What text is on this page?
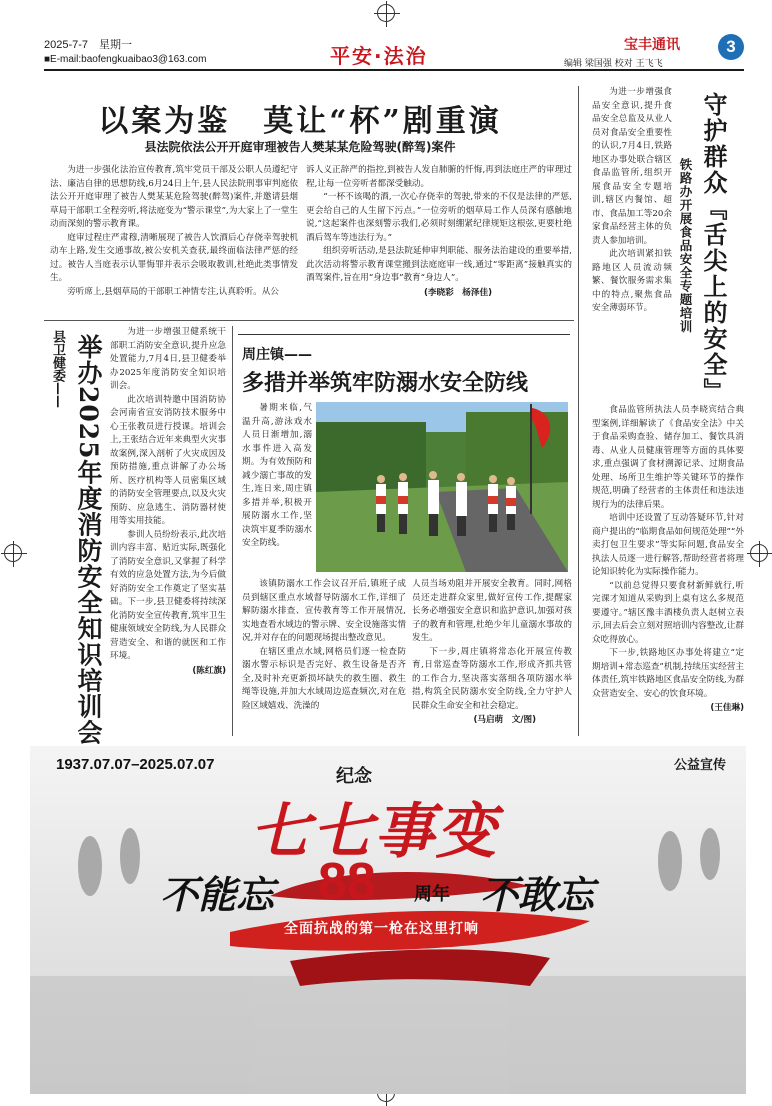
2025-7-7　 星期一
■E-mail:baofengkuaibao3@163.com	平安·法治	宝丰通讯
编辑 梁国强 校对 王飞飞
3
以案为鉴　莫让“杯”剧重演
县法院依法公开开庭审理被告人樊某某危险驾驶(醉驾)案件

为进一步强化法治宣传教育,筑牢党员干部及公职人员遵纪守法、廉洁自律的思想防线,6月24日上午,县人民法院刑事审判庭依法公开开庭审理了被告人樊某某危险驾驶(醉驾)案件,并邀请县烟草局干部职工全程旁听,将法庭变为“警示课堂”,为大家上了一堂生动而深刻的警示教育课。

庭审过程庄严肃穆,清晰展现了被告人饮酒后心存侥幸驾驶机动车上路,发生交通事故,被公安机关查获,最终面临法律严惩的经过。被告人当庭表示认罪悔罪并表示会吸取教训,杜绝此类事情发生。

旁听席上,县烟草局的干部职工神情专注,认真聆听。从公

诉人义正辞严的指控,到被告人发自肺腑的忏悔,再到法庭庄严的审理过程,让每一位旁听者都深受触动。

“一杯不该喝的酒,一次心存侥幸的驾驶,带来的不仅是法律的严惩,更会给自己的人生留下污点。”一位旁听的烟草局工作人员深有感触地说,“这起案件也深刻警示我们,必须时刻绷紧纪律规矩这根弦,更要杜绝酒后驾车等违法行为。”

组织旁听活动,是县法院延伸审判职能、服务法治建设的重要举措,此次活动将警示教育课堂搬到法庭庭审一线,通过“零距离”接触真实的酒驾案件,旨在用“身边事”教育“身边人”。

(李晓彩　杨泽佳)	守护群众『舌尖上的安全』
铁路办开展食品安全专题培训

为进一步增强食品安全意识,提升食品安全总监及从业人员对食品安全重要性的认识,7月4日,铁路地区办事处联合辖区食品监管所,组织开展食品安全专题培训,辖区内餐馆、超市、食品加工等20余家食品经营主体的负责人参加培训。

此次培训紧扣铁路地区人员流动频繁、餐饮服务需求集中的特点,聚焦食品安全薄弱环节。

食品监管所执法人员李晓宾结合典型案例,详细解读了《食品安全法》中关于食品采购查验、储存加工、餐饮具消毒、从业人员健康管理等方面的具体要求,重点强调了食材溯源记录、过期食品处理、场所卫生维护等关键环节的操作规范,明确了经营者的主体责任和违法违规行为的法律后果。

培训中还设置了互动答疑环节,针对商户提出的“临期食品如何规范处理”“外卖打包卫生要求”等实际问题,食品安全执法人员逐一进行解答,帮助经营者将理论知识转化为实际操作能力。

“以前总觉得只要食材新鲜就行,听完课才知道从采购到上桌有这么多规范要遵守。”辖区豫丰酒楼负责人赵树立表示,回去后会立刻对照培训内容整改,让群众吃得放心。

下一步,铁路地区办事处将建立“定期培训+常态巡查”机制,持续压实经营主体责任,筑牢铁路地区食品安全防线,为群众营造安全、安心的饮食环境。

(王佳琳)
县卫健委—— 举办2025年度消防安全知识培训会

为进一步增强卫健系统干部职工消防安全意识,提升应急处置能力,7月4日,县卫健委举办2025年度消防安全知识培训会。

此次培训特邀中国消防协会河南省宣安消防技术服务中心王张教员进行授课。培训会上,王张结合近年来典型火灾事故案例,深入剖析了火灾成因及预防措施,重点讲解了办公场所、医疗机构等人员密集区域的消防安全管理要点,以及火灾预防、应急逃生、消防器材使用等实用技能。

参训人员纷纷表示,此次培训内容丰富、贴近实际,既强化了消防安全意识,又掌握了科学有效的应急处置方法,为今后做好消防安全工作奠定了坚实基础。下一步,县卫健委将持续深化消防安全宣传教育,筑牢卫生健康领域安全防线,为人民群众营造安全、和谐的就医和工作环境。

(陈红旗)
周庄镇——
多措并举筑牢防溺水安全防线

暑期来临,气温升高,游泳戏水人员日渐增加,溺水事件进入高发期。为有效预防和减少溺亡事故的发生,连日来,周庄镇多措并举,积极开展防溺水工作,坚决筑牢夏季防溺水安全防线。

该镇防溺水工作会议召开后,镇班子成员到辖区重点水域督导防溺水工作,详细了解防溺水排查、宣传教育等工作开展情况,实地查看水域边的警示牌、安全设施落实情况,并对存在的问题现场提出整改意见。

在辖区重点水域,网格员们逐一检查防溺水警示标识是否完好、救生设备是否齐全,及时补充更新损坏缺失的救生圈、救生绳等设施,并加大水域周边巡查频次,对在危险区域嬉戏、洗澡的

人员当场劝阻并开展安全教育。同时,网格员还走进群众家里,做好宣传工作,提醒家长务必增强安全意识和监护意识,加强对孩子的教育和管理,杜绝少年儿童溺水事故的发生。

下一步,周庄镇将常态化开展宣传教育,日常巡查等防溺水工作,形成齐抓共管的工作合力,坚决落实落细各项防溺水举措,构筑全民防溺水安全防线,全力守护人民群众生命安全和社会稳定。

(马启萌　文/图)
1937.07.07–2025.07.07	公益宣传
纪念
七七事变
不能忘 88 周年 不敢忘
全面抗战的第一枪在这里打响
